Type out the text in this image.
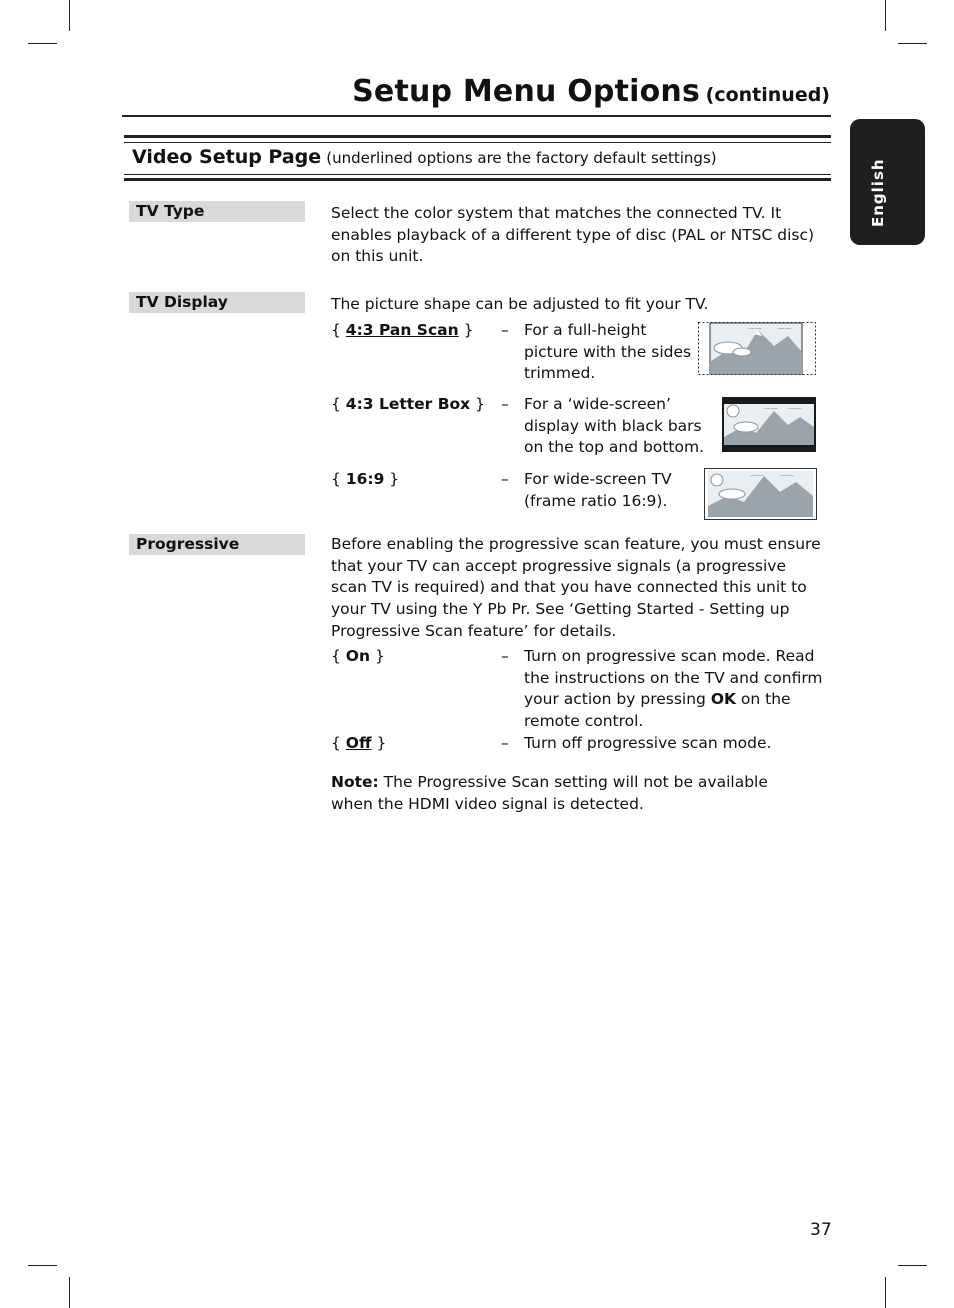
Setup Menu Options (continued)
English
Video Setup Page (underlined options are the factory default settings)
TV Type	Select the color system that matches the connected TV. It enables playback of a different type of disc (PAL or NTSC disc) on this unit.
TV Display	The picture shape can be adjusted to fit your TV.
{ 4:3 Pan Scan } – For a full-height picture with the sides trimmed.
⌒⌒ ⌒⌒
{ 4:3 Letter Box } – For a ‘wide-screen’ display with black bars on the top and bottom.
⌒⌒ ⌒⌒
{ 16:9 }	– For wide-screen TV (frame ratio 16:9).
⌒⌒ ⌒⌒
Progressive	Before enabling the progressive scan feature, you must ensure that your TV can accept progressive signals (a progressive scan TV is required) and that you have connected this unit to your TV using the Y Pb Pr. See ‘Getting Started - Setting up Progressive Scan feature’ for details.
{ On }	– Turn on progressive scan mode. Read the instructions on the TV and confirm your action by pressing OK on the remote control.
{ Off }	– Turn off progressive scan mode.
Note: The Progressive Scan setting will not be available when the HDMI video signal is detected.
37
